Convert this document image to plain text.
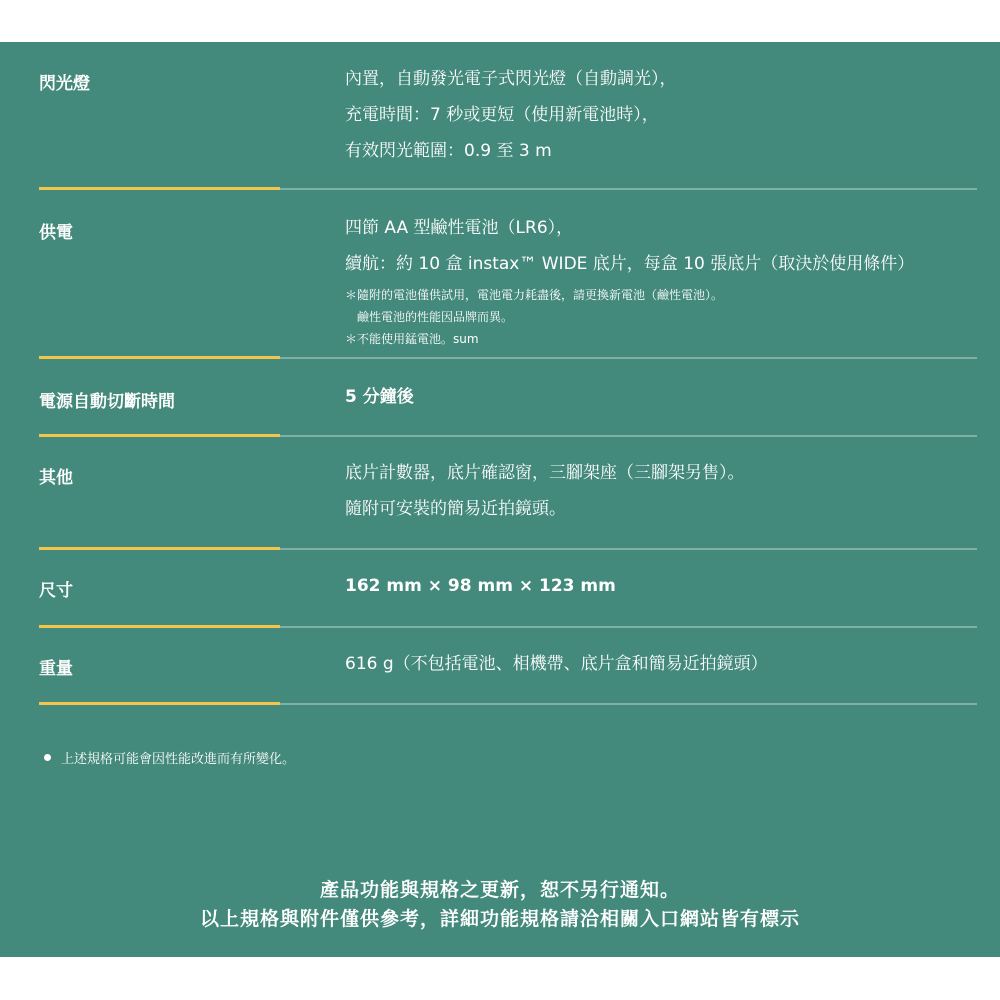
閃光燈	內置，自動發光電子式閃光燈（自動調光），
充電時間：7 秒或更短（使用新電池時），
有效閃光範圍：0.9 至 3 m
供電	四節 AA 型鹼性電池（LR6），
續航：約 10 盒 instax™ WIDE 底片，每盒 10 張底片（取決於使用條件）
＊隨附的電池僅供試用，電池電力耗盡後，請更換新電池（鹼性電池）。
　鹼性電池的性能因品牌而異。
＊不能使用錳電池。sum
電源自動切斷時間	5 分鐘後
其他	底片計數器，底片確認窗，三腳架座（三腳架另售）。
隨附可安裝的簡易近拍鏡頭。
尺寸	162 mm × 98 mm × 123 mm
重量	616 g（不包括電池、相機帶、底片盒和簡易近拍鏡頭）
上述規格可能會因性能改進而有所變化。
產品功能與規格之更新，恕不另行通知。
以上規格與附件僅供參考，詳細功能規格請洽相關入口網站皆有標示
